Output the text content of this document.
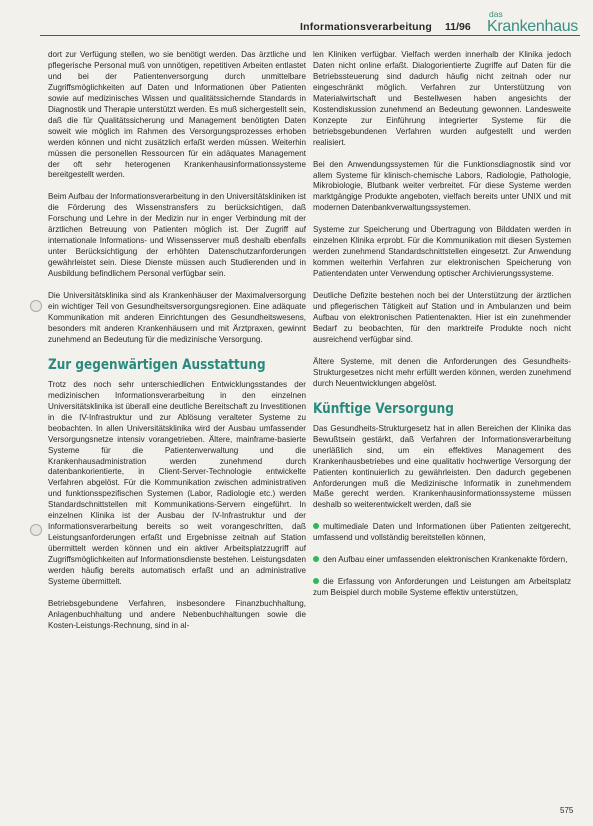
Informationsverarbeitung 11/96
das
Krankenhaus

dort zur Verfügung stellen, wo sie benötigt werden. Das ärztliche und pflegerische Personal muß von unnötigen, repetitiven Arbeiten entlastet und bei der Patientenversorgung durch unmittelbare Zugriffsmöglichkeiten auf Daten und Informationen über Patienten sowie auf medizinisches Wissen und qualitätssichernde Standards in Diagnostik und Therapie unterstützt werden. Es muß sichergestellt sein, daß die für Qualitätssicherung und Management benötigten Daten soweit wie möglich im Rahmen des Versorgungsprozesses erhoben werden können und nicht zusätzlich erfaßt werden müssen. Weiterhin müssen die personellen Ressourcen für ein adäquates Management der oft sehr heterogenen Krankenhausinformationssysteme bereitgestellt werden.

Beim Aufbau der Informationsverarbeitung in den Universitätskliniken ist die Förderung des Wissenstransfers zu berücksichtigen, daß Forschung und Lehre in der Medizin nur in enger Verbindung mit der ärztlichen Betreuung von Patienten möglich ist. Der Zugriff auf internationale Informations- und Wissensserver muß deshalb ebenfalls unter Berücksichtigung der erhöhten Datenschutzanforderungen gewährleistet sein. Diese Dienste müssen auch Studierenden und in Ausbildung befindlichem Personal verfügbar sein.

Die Universitätsklinika sind als Krankenhäuser der Maximalversorgung ein wichtiger Teil von Gesundheitsversorgungsregionen. Eine adäquate Kommunikation mit anderen Einrichtungen des Gesundheitswesens, besonders mit anderen Krankenhäusern und mit Ärztpraxen, gewinnt zunehmend an Bedeutung für die medizinische Versorgung.

Zur gegenwärtigen Ausstattung

Trotz des noch sehr unterschiedlichen Entwicklungsstandes der medizinischen Informationsverarbeitung in den einzelnen Universitätsklinika ist überall eine deutliche Bereitschaft zu Investitionen in die IV-Infrastruktur und zur Ablösung veralteter Systeme zu beobachten. In allen Universitätsklinika wird der Ausbau umfassender Versorgungsnetze intensiv vorangetrieben. Ältere, mainframe-basierte Systeme für die Patientenverwaltung und die Krankenhausadministration werden zunehmend durch datenbankorientierte, in Client-Server-Technologie entwickelte Verfahren abgelöst. Für die Kommunikation zwischen administrativen und funktionsspezifischen Systemen (Labor, Radiologie etc.) werden Standardschnittstellen mit Kommunikations-Servern eingeführt. In einzelnen Klinika ist der Ausbau der IV-Infrastruktur und der Informationsverarbeitung bereits so weit vorangeschritten, daß Leistungsanforderungen erfaßt und Ergebnisse zeitnah auf Station übermittelt werden können und ein aktiver Arbeitsplatzzugriff auf Zugriffsmöglichkeiten auf Informationsdienste bestehen. Leistungsdaten werden häufig bereits automatisch erfaßt und an administrative Systeme übermittelt.

Betriebsgebundene Verfahren, insbesondere Finanzbuchhaltung, Anlagenbuchhaltung und andere Nebenbuchhaltungen sowie die Kosten-Leistungs-Rechnung, sind in al-

len Kliniken verfügbar. Vielfach werden innerhalb der Klinika jedoch Daten nicht online erfaßt. Dialogorientierte Zugriffe auf Daten für die Betriebssteuerung sind dadurch häufig nicht zeitnah oder nur eingeschränkt möglich. Verfahren zur Unterstützung von Materialwirtschaft und Bestellwesen haben angesichts der Kostendiskussion zunehmend an Bedeutung gewonnen. Landesweite Konzepte zur Einführung integrierter Systeme für die betriebsgebundenen Verfahren wurden aufgestellt und werden realisiert.

Bei den Anwendungssystemen für die Funktionsdiagnostik sind vor allem Systeme für klinisch-chemische Labors, Radiologie, Pathologie, Mikrobiologie, Blutbank weiter verbreitet. Für diese Systeme werden marktgängige Produkte angeboten, vielfach bereits unter UNIX und mit modernen Datenbankverwaltungssystemen.

Systeme zur Speicherung und Übertragung von Bilddaten werden in einzelnen Klinika erprobt. Für die Kommunikation mit diesen Systemen werden zunehmend Standardschnittstellen eingesetzt. Zur Anwendung kommen weiterhin Verfahren zur elektronischen Speicherung von Patientendaten unter Verwendung optischer Archivierungssysteme.

Deutliche Defizite bestehen noch bei der Unterstützung der ärztlichen und pflegerischen Tätigkeit auf Station und in Ambulanzen und beim Aufbau von elektronischen Patientenakten. Hier ist ein zunehmender Bedarf zu beobachten, für den marktreife Produkte noch nicht ausreichend verfügbar sind.

Ältere Systeme, mit denen die Anforderungen des Gesundheits-Strukturgesetzes nicht mehr erfüllt werden können, werden zunehmend durch Neuentwicklungen abgelöst.

Künftige Versorgung

Das Gesundheits-Strukturgesetz hat in allen Bereichen der Klinika das Bewußtsein gestärkt, daß Verfahren der Informationsverarbeitung unerläßlich sind, um ein effektives Management des Krankenhausbetriebes und eine qualitativ hochwertige Versorgung der Patienten kontinuierlich zu gewährleisten. Den dadurch gegebenen Anforderungen muß die Medizinische Informatik in zunehmendem Maße gerecht werden. Krankenhausinformationssysteme müssen deshalb so weiterentwickelt werden, daß sie

multimediale Daten und Informationen über Patienten zeitgerecht, umfassend und vollständig bereitstellen können,

den Aufbau einer umfassenden elektronischen Krankenakte fördern,

die Erfassung von Anforderungen und Leistungen am Arbeitsplatz zum Beispiel durch mobile Systeme effektiv unterstützen,

575
